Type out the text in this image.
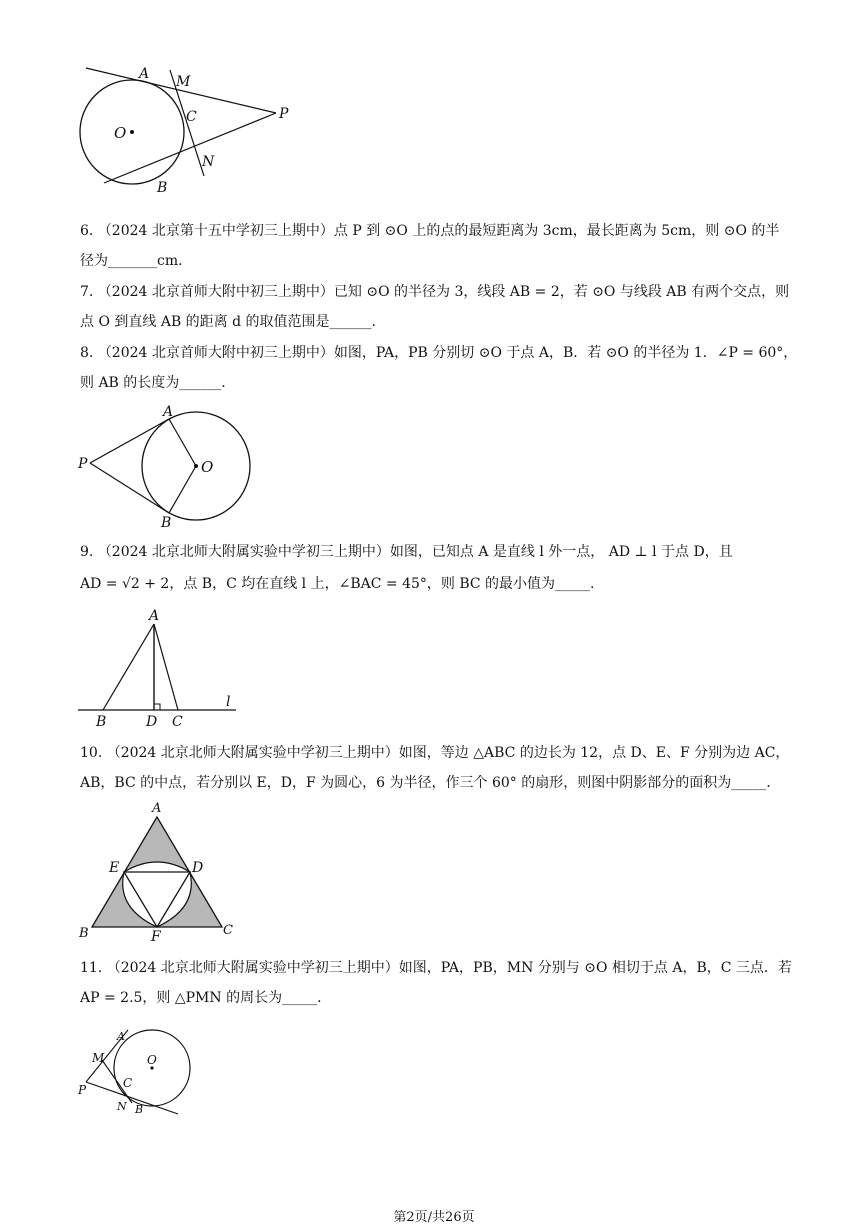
A M
C
O
P
N
B
6. （2024 北京第十五中学初三上期中）点 P 到 ⊙O 上的点的最短距离为 3cm，最长距离为 5cm，则 ⊙O 的半
径为_______cm.
7. （2024 北京首师大附中初三上期中）已知 ⊙O 的半径为 3，线段 AB = 2，若 ⊙O 与线段 AB 有两个交点，则
点 O 到直线 AB 的距离 d 的取值范围是______.
8. （2024 北京首师大附中初三上期中）如图，PA，PB 分别切 ⊙O 于点 A，B．若 ⊙O 的半径为 1．∠P = 60°，
则 AB 的长度为______.
A
P	O
B
9. （2024 北京北师大附属实验中学初三上期中）如图，已知点 A 是直线 l 外一点， AD ⊥ l 于点 D，且
AD = √2 + 2，点 B，C 均在直线 l 上，∠BAC = 45°，则 BC 的最小值为_____.
A
l
B	D C
10. （2024 北京北师大附属实验中学初三上期中）如图，等边 △ABC 的边长为 12，点 D、E、F 分别为边 AC，
AB，BC 的中点，若分别以 E，D，F 为圆心，6 为半径，作三个 60° 的扇形，则图中阴影部分的面积为_____.
A
E	D
B	F	C
11. （2024 北京北师大附属实验中学初三上期中）如图，PA，PB，MN 分别与 ⊙O 相切于点 A，B，C 三点．若
AP = 2.5，则 △PMN 的周长为_____.
A
O
M
C
P
N B
第2页/共26页
